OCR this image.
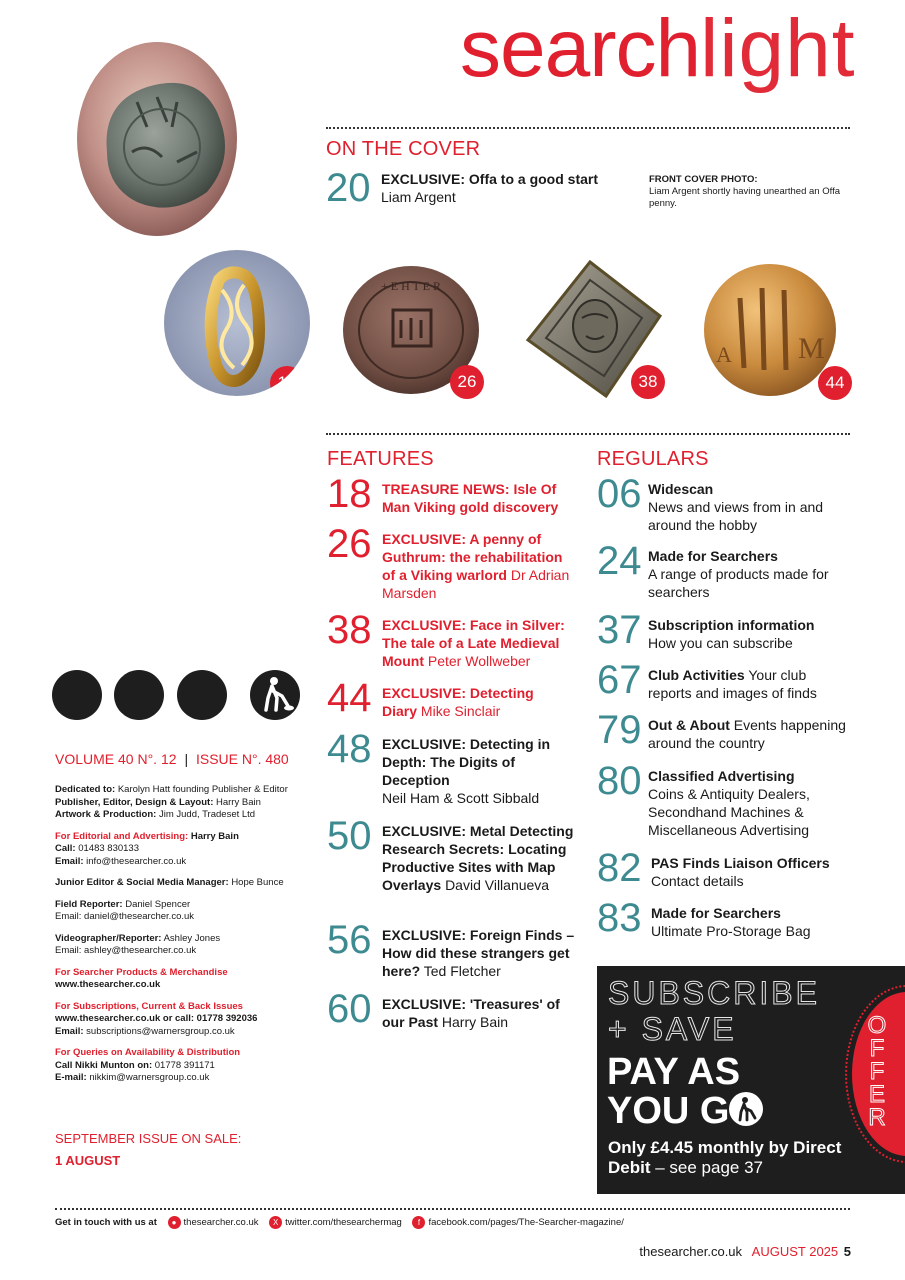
searchlight
ON THE COVER
20 EXCLUSIVE: Offa to a good start
Liam Argent
FRONT COVER PHOTO:
Liam Argent shortly having unearthed an Offa penny.
18
+ E H T E R
26	38
M
A
44
FEATURES
18 TREASURE NEWS: Isle Of Man Viking gold discovery
26 EXCLUSIVE: A penny of Guthrum: the rehabilitation of a Viking warlord Dr Adrian Marsden
38 EXCLUSIVE: Face in Silver: The tale of a Late Medieval Mount Peter Wollweber
44 EXCLUSIVE: Detecting Diary Mike Sinclair
48 EXCLUSIVE: Detecting in Depth: The Digits of Deception
Neil Ham & Scott Sibbald
50 EXCLUSIVE: Metal Detecting Research Secrets: Locating Productive Sites with Map Overlays David Villanueva
56 EXCLUSIVE: Foreign Finds – How did these strangers get here? Ted Fletcher
60 EXCLUSIVE: 'Treasures' of our Past Harry Bain
REGULARS
06 Widescan
News and views from in and around the hobby
24 Made for Searchers
A range of products made for searchers
37 Subscription information
How you can subscribe
67 Club Activities Your club reports and images of finds
79 Out & About Events happening around the country
80 Classified Advertising
Coins & Antiquity Dealers, Secondhand Machines & Miscellaneous Advertising
82 PAS Finds Liaison Officers
Contact details
83 Made for Searchers
Ultimate Pro-Storage Bag
VOLUME 40 N°. 12 | ISSUE N°. 480

Dedicated to: Karolyn Hatt founding Publisher & Editor
Publisher, Editor, Design & Layout: Harry Bain
Artwork & Production: Jim Judd, Tradeset Ltd

For Editorial and Advertising: Harry Bain
Call: 01483 830133
Email: info@thesearcher.co.uk

Junior Editor & Social Media Manager: Hope Bunce

Field Reporter: Daniel Spencer
Email: daniel@thesearcher.co.uk

Videographer/Reporter: Ashley Jones
Email: ashley@thesearcher.co.uk

For Searcher Products & Merchandise
www.thesearcher.co.uk

For Subscriptions, Current & Back Issues
www.thesearcher.co.uk or call: 01778 392036
Email: subscriptions@warnersgroup.co.uk

For Queries on Availability & Distribution
Call Nikki Munton on: 01778 391171
E-mail: nikkim@warnersgroup.co.uk

SEPTEMBER ISSUE ON SALE:
1 AUGUST
O
F
F
E
R
SUBSCRIBE
+ SAVE
PAY AS
YOU G
Only £4.45 monthly by Direct Debit – see page 37
Get in touch with us at ● thesearcher.co.uk X twitter.com/thesearchermag f facebook.com/pages/The-Searcher-magazine/
thesearcher.co.uk AUGUST 2025 5
